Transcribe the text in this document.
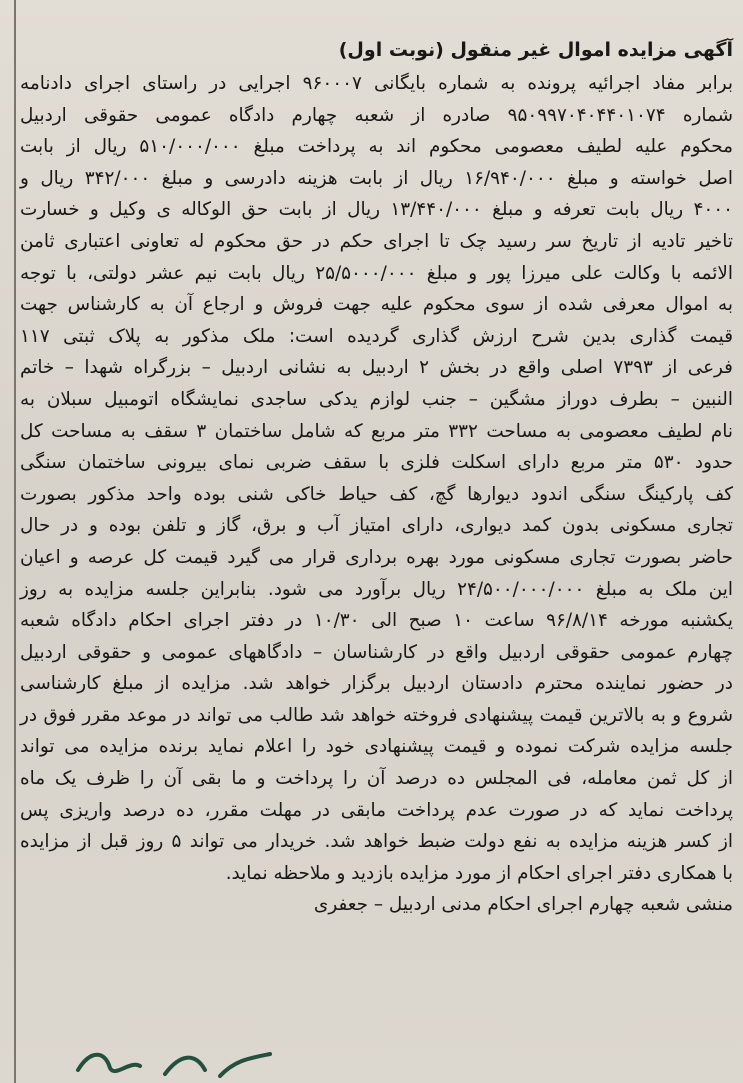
آگهی مزایده اموال غیر منقول (نوبت اول)
برابر مفاد اجرائیه پرونده به شماره بایگانی ۹۶۰۰۰۷ اجرایی در راستای اجرای دادنامه
شماره ۹۵۰۹۹۷۰۴۰۴۴۰۱۰۷۴ صادره از شعبه چهارم دادگاه عمومی حقوقی اردبیل
محکوم علیه لطیف معصومی محکوم اند به پرداخت مبلغ ۵۱۰/۰۰۰/۰۰۰ ریال از بابت
اصل خواسته و مبلغ ۱۶/۹۴۰/۰۰۰ ریال از بابت هزینه دادرسی و مبلغ ۳۴۲/۰۰۰ ریال و
۴۰۰۰ ریال بابت تعرفه و مبلغ ۱۳/۴۴۰/۰۰۰ ریال از بابت حق الوکاله ی وکیل و خسارت
تاخیر تادیه از تاریخ سر رسید چک تا اجرای حکم در حق محکوم له تعاونی اعتباری ثامن
الائمه با وکالت علی میرزا پور و مبلغ ۲۵/۵۰۰۰/۰۰۰ ریال بابت نیم عشر دولتی، با توجه
به اموال معرفی شده از سوی محکوم علیه جهت فروش و ارجاع آن به کارشناس جهت
قیمت گذاری بدین شرح ارزش گذاری گردیده است: ملک مذکور به پلاک ثبتی ۱۱۷
فرعی از ۷۳۹۳ اصلی واقع در بخش ۲ اردبیل به نشانی اردبیل – بزرگراه شهدا – خاتم
النبین – بطرف دوراز مشگین – جنب لوازم یدکی ساجدی نمایشگاه اتومبیل سبلان به
نام لطیف معصومی به مساحت ۳۳۲ متر مربع که شامل ساختمان ۳ سقف به مساحت کل
حدود ۵۳۰ متر مربع دارای اسکلت فلزی با سقف ضربی نمای بیرونی ساختمان سنگی
کف پارکینگ سنگی اندود دیوارها گچ، کف حیاط خاکی شنی بوده واحد مذکور بصورت
تجاری مسکونی بدون کمد دیواری، دارای امتیاز آب و برق، گاز و تلفن بوده و در حال
حاضر بصورت تجاری مسکونی مورد بهره برداری قرار می گیرد قیمت کل عرصه و اعیان
این ملک به مبلغ ۲۴/۵۰۰/۰۰۰/۰۰۰ ریال برآورد می شود. بنابراین جلسه مزایده به روز
یکشنبه مورخه ۹۶/۸/۱۴ ساعت ۱۰ صبح الی ۱۰/۳۰ در دفتر اجرای احکام دادگاه شعبه
چهارم عمومی حقوقی اردبیل واقع در کارشناسان – دادگاههای عمومی و حقوقی اردبیل
در حضور نماینده محترم دادستان اردبیل برگزار خواهد شد. مزایده از مبلغ کارشناسی
شروع و به بالاترین قیمت پیشنهادی فروخته خواهد شد طالب می تواند در موعد مقرر فوق در
جلسه مزایده شرکت نموده و قیمت پیشنهادی خود را اعلام نماید برنده مزایده می تواند
از کل ثمن معامله، فی المجلس ده درصد آن را پرداخت و ما بقی آن را ظرف یک ماه
پرداخت نماید که در صورت عدم پرداخت مابقی در مهلت مقرر، ده درصد واریزی پس
از کسر هزینه مزایده به نفع دولت ضبط خواهد شد. خریدار می تواند ۵ روز قبل از مزایده
با همکاری دفتر اجرای احکام از مورد مزایده بازدید و ملاحظه نماید.
منشی شعبه چهارم اجرای احکام مدنی اردبیل – جعفری
